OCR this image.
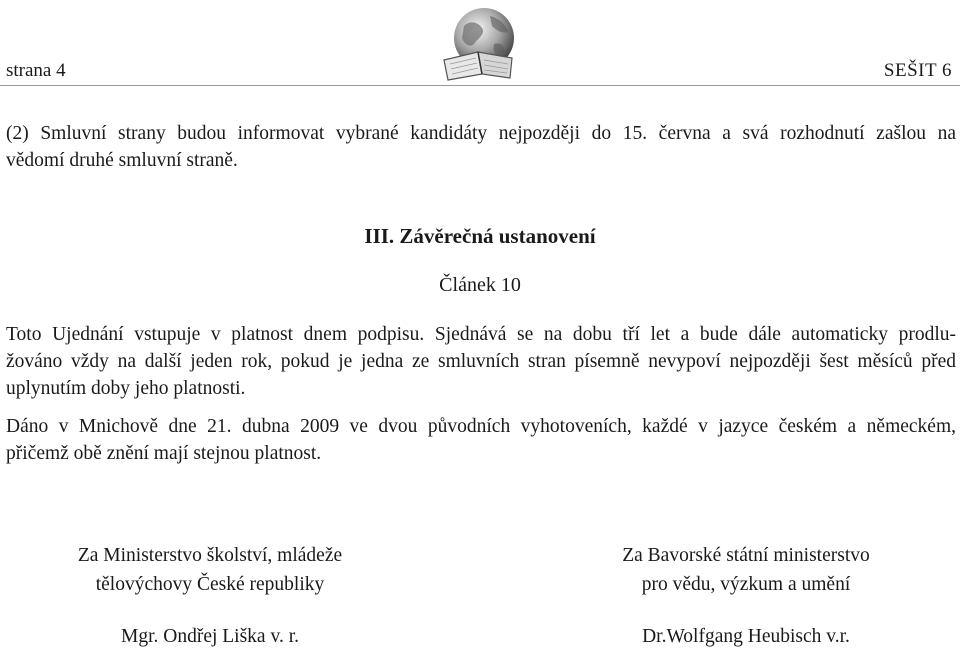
strana 4	SEŠIT 6

(2) Smluvní strany budou informovat vybrané kandidáty nejpozději do 15. června a svá rozhodnutí zašlou na
vědomí druhé smluvní straně.

III. Závěrečná ustanovení
Článek 10

Toto Ujednání vstupuje v platnost dnem podpisu. Sjednává se na dobu tří let a bude dále automaticky prodlu-
žováno vždy na další jeden rok, pokud je jedna ze smluvních stran písemně nevypoví nejpozději šest měsíců před
uplynutím doby jeho platnosti.

Dáno v Mnichově dne 21. dubna 2009 ve dvou původních vyhotoveních, každé v jazyce českém a německém,
přičemž obě znění mají stejnou platnost.

Za Ministerstvo školství, mládeže
tělovýchovy České republiky
Mgr. Ondřej Liška v. r.
Za Bavorské státní ministerstvo
pro vědu, výzkum a umění
Dr.Wolfgang Heubisch v.r.
